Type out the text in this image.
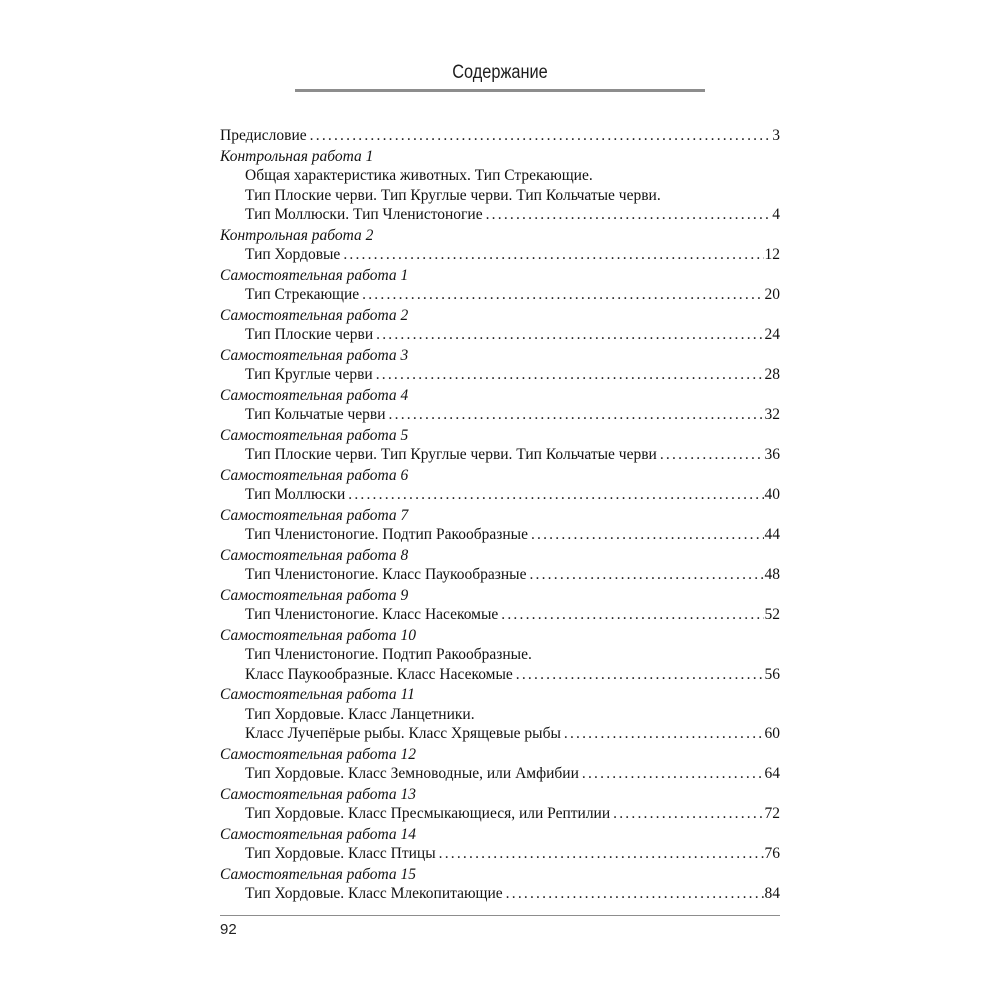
Содержание
Предисловие .....	3
Контрольная работа 1
Общая характеристика животных. Тип Стрекающие.
Тип Плоские черви. Тип Круглые черви. Тип Кольчатые черви.
Тип Моллюски. Тип Членистоногие .....	4
Контрольная работа 2
Тип Хордовые .....	12
Самостоятельная работа 1
Тип Стрекающие .....	20
Самостоятельная работа 2
Тип Плоские черви .....	24
Самостоятельная работа 3
Тип Круглые черви .....	28
Самостоятельная работа 4
Тип Кольчатые черви .....	32
Самостоятельная работа 5
Тип Плоские черви. Тип Круглые черви. Тип Кольчатые черви .....	36
Самостоятельная работа 6
Тип Моллюски .....	40
Самостоятельная работа 7
Тип Членистоногие. Подтип Ракообразные .....	44
Самостоятельная работа 8
Тип Членистоногие. Класс Паукообразные .....	48
Самостоятельная работа 9
Тип Членистоногие. Класс Насекомые .....	52
Самостоятельная работа 10
Тип Членистоногие. Подтип Ракообразные.
Класс Паукообразные. Класс Насекомые .....	56
Самостоятельная работа 11
Тип Хордовые. Класс Ланцетники.
Класс Лучепёрые рыбы. Класс Хрящевые рыбы .....	60
Самостоятельная работа 12
Тип Хордовые. Класс Земноводные, или Амфибии .....	64
Самостоятельная работа 13
Тип Хордовые. Класс Пресмыкающиеся, или Рептилии .....	72
Самостоятельная работа 14
Тип Хордовые. Класс Птицы .....	76
Самостоятельная работа 15
Тип Хордовые. Класс Млекопитающие .....	84
92
